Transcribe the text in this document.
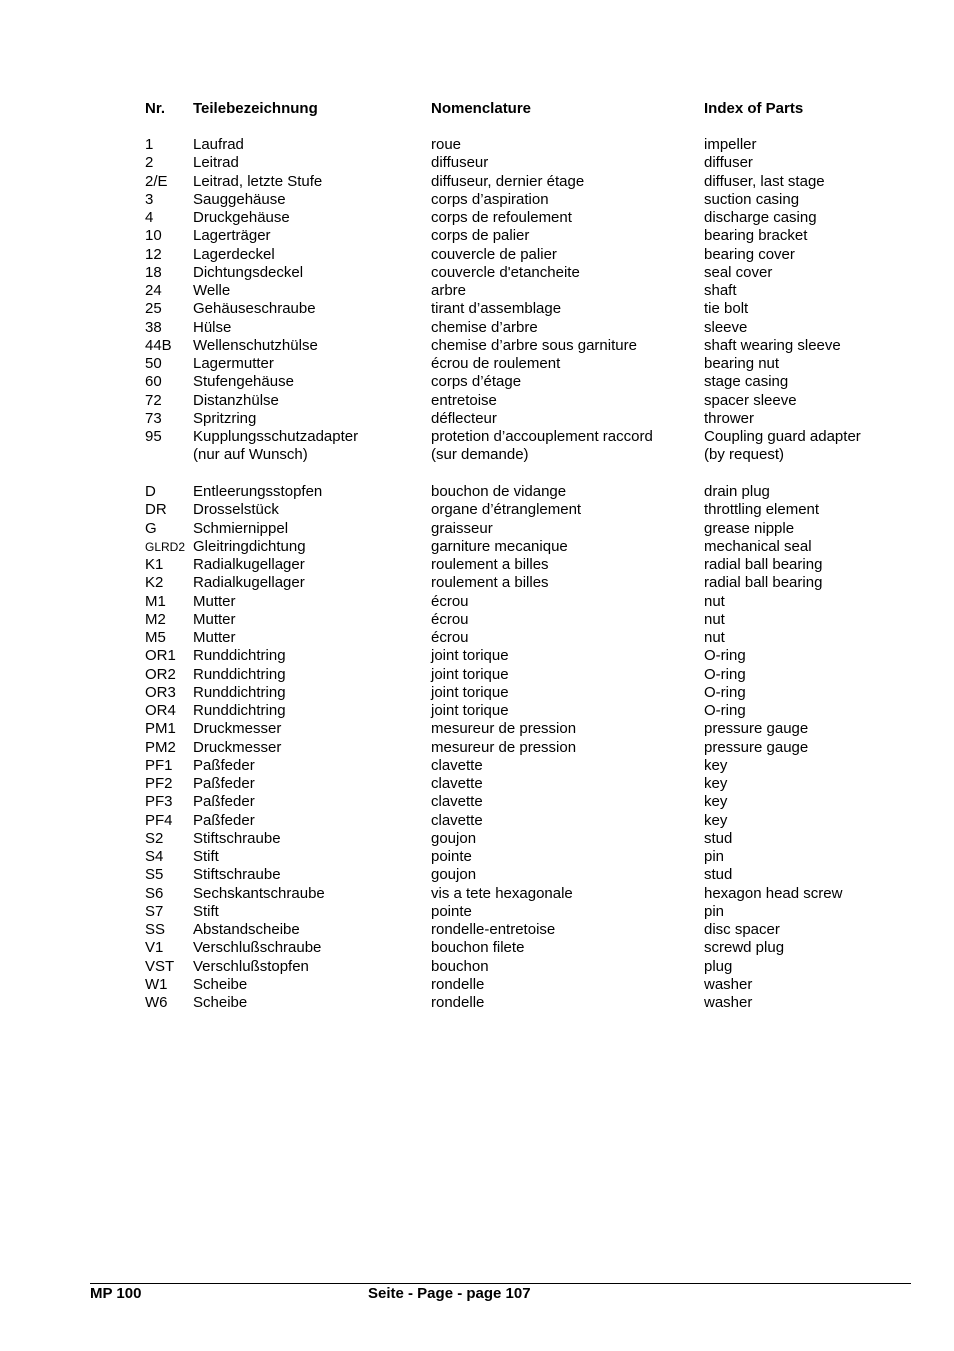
Nr. Teilebezeichnung	Nomenclature	Index of Parts
1	Laufrad	roue	impeller
2	Leitrad	diffuseur	diffuser
2/E Leitrad, letzte Stufe	diffuseur, dernier étage	diffuser, last stage
3	Sauggehäuse	corps d’aspiration	suction casing
4	Druckgehäuse	corps de refoulement	discharge casing
10 Lagerträger	corps de palier	bearing bracket
12 Lagerdeckel	couvercle de palier	bearing cover
18 Dichtungsdeckel	couvercle d'etancheite	seal cover
24 Welle	arbre	shaft
25 Gehäuseschraube	tirant d’assemblage	tie bolt
38 Hülse	chemise d’arbre	sleeve
44B Wellenschutzhülse	chemise d’arbre sous garniture	shaft wearing sleeve
50 Lagermutter	écrou de roulement	bearing nut
60 Stufengehäuse	corps d’étage	stage casing
72 Distanzhülse	entretoise	spacer sleeve
73 Spritzring	déflecteur	thrower
95 Kupplungsschutzadapter	protetion d’accouplement raccord	Coupling guard adapter
(nur auf Wunsch)	(sur demande)	(by request)
D Entleerungsstopfen	bouchon de vidange	drain plug
DR Drosselstück	organe d’étranglement	throttling element
G Schmiernippel	graisseur	grease nipple
GLRD2 Gleitringdichtung	garniture mecanique	mechanical seal
K1 Radialkugellager	roulement a billes	radial ball bearing
K2 Radialkugellager	roulement a billes	radial ball bearing
M1 Mutter	écrou	nut
M2 Mutter	écrou	nut
M5 Mutter	écrou	nut
OR1 Runddichtring	joint torique	O-ring
OR2 Runddichtring	joint torique	O-ring
OR3 Runddichtring	joint torique	O-ring
OR4 Runddichtring	joint torique	O-ring
PM1 Druckmesser	mesureur de pression	pressure gauge
PM2 Druckmesser	mesureur de pression	pressure gauge
PF1 Paßfeder	clavette	key
PF2 Paßfeder	clavette	key
PF3 Paßfeder	clavette	key
PF4 Paßfeder	clavette	key
S2 Stiftschraube	goujon	stud
S4 Stift	pointe	pin
S5 Stiftschraube	goujon	stud
S6 Sechskantschraube	vis a tete hexagonale	hexagon head screw
S7 Stift	pointe	pin
SS Abstandscheibe	rondelle-entretoise	disc spacer
V1 Verschlußschraube	bouchon filete	screwd plug
VST Verschlußstopfen	bouchon	plug
W1 Scheibe	rondelle	washer
W6 Scheibe	rondelle	washer
MP 100	Seite - Page - page 107
